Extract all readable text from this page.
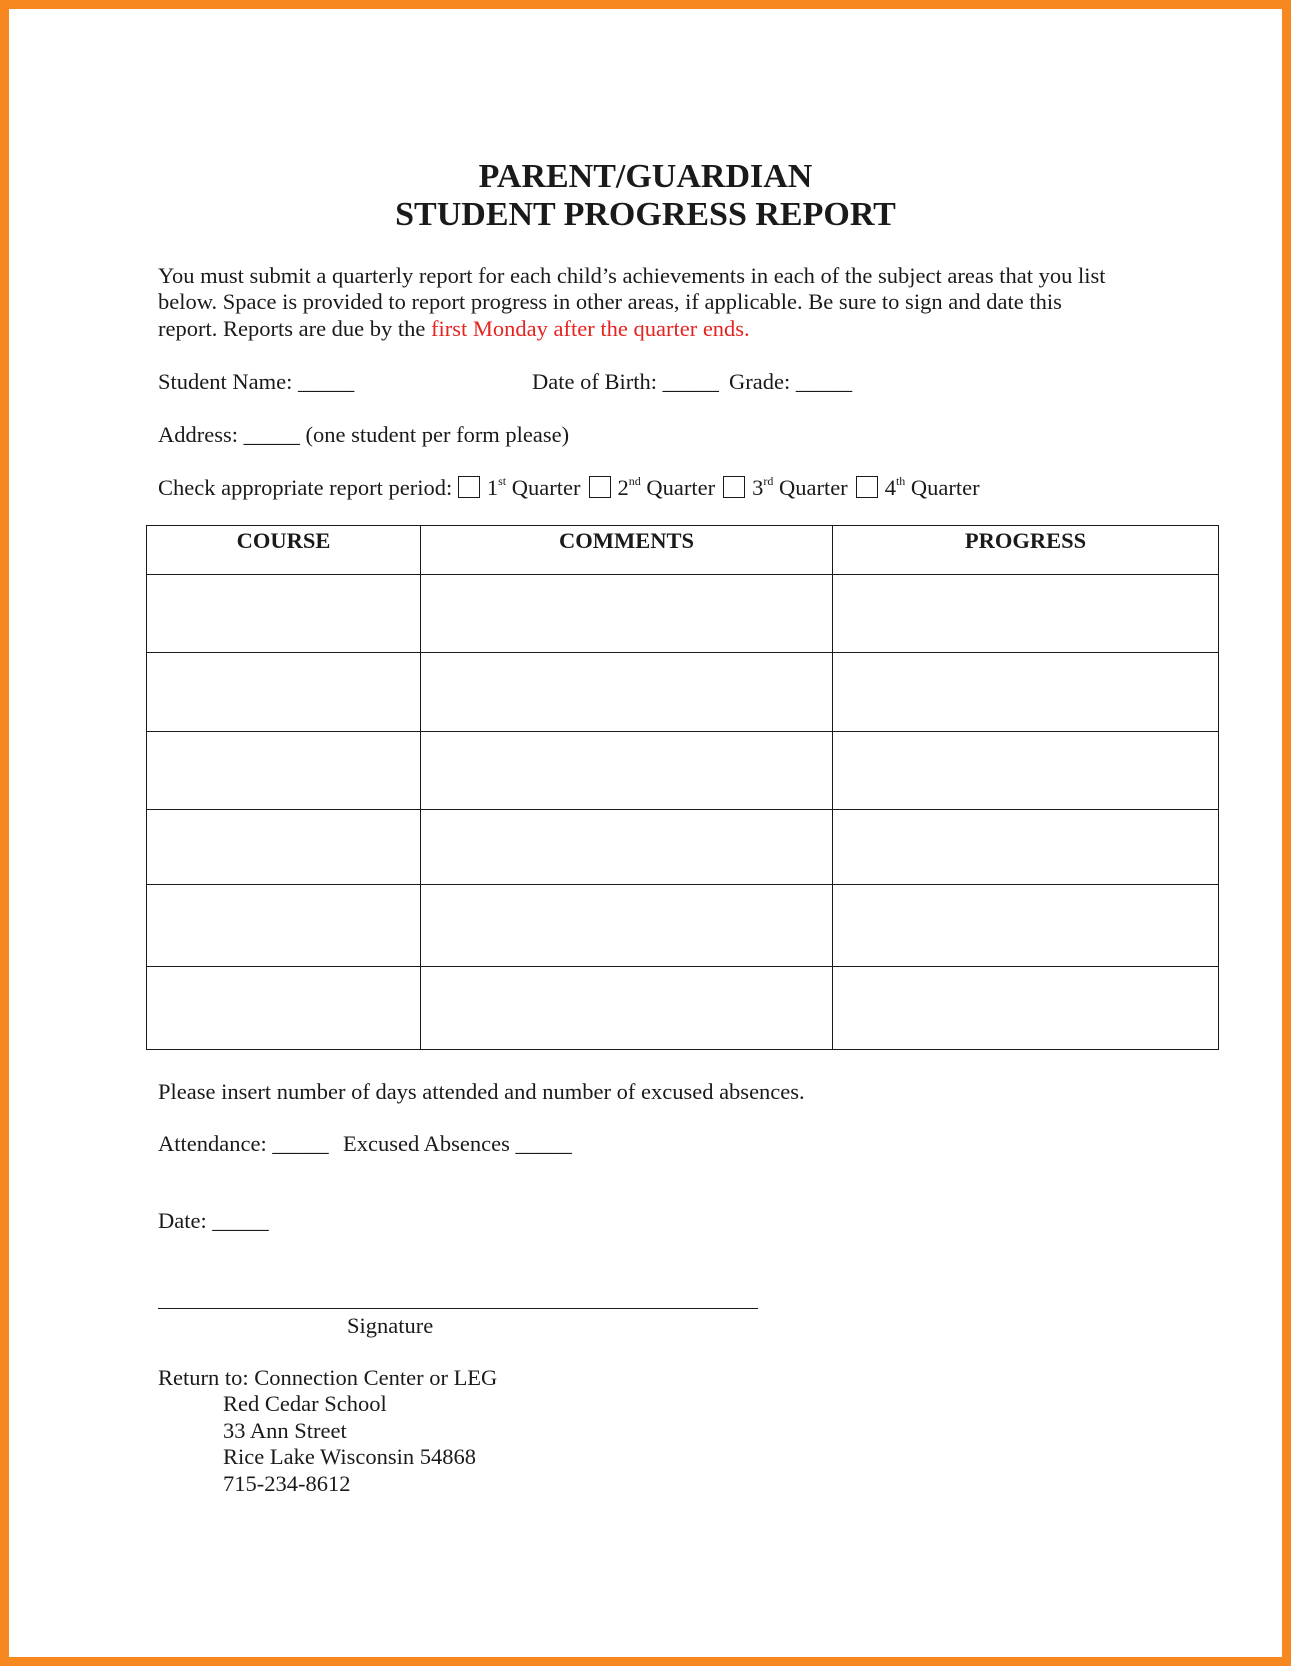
PARENT/GUARDIAN
STUDENT PROGRESS REPORT
You must submit a quarterly report for each child’s achievements in each of the subject areas that you list
below. Space is provided to report progress in other areas, if applicable. Be sure to sign and date this
report. Reports are due by the first Monday after the quarter ends.
Student Name: _____	Date of Birth: _____ Grade: _____
Address: _____ (one student per form please)
Check appropriate report period: 1st Quarter 2nd Quarter 3rd Quarter 4th Quarter
COURSE	COMMENTS	PROGRESS

Please insert number of days attended and number of excused absences.
Attendance: _____ Excused Absences _____
Date: _____
Signature
Return to: Connection Center or LEG
Red Cedar School
33 Ann Street
Rice Lake Wisconsin 54868
715-234-8612
